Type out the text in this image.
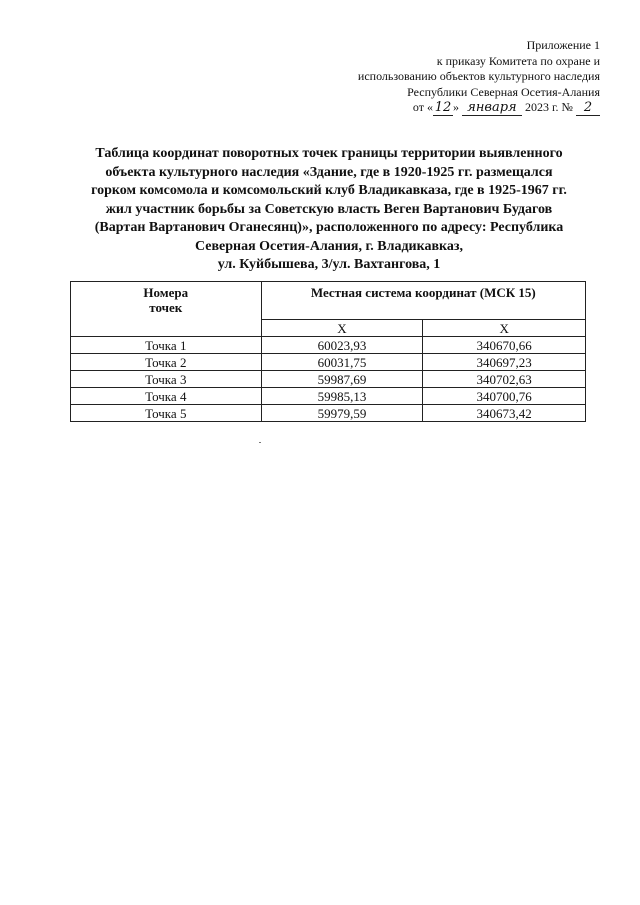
Приложение 1
к приказу Комитета по охране и
использованию объектов культурного наследия
Республики Северная Осетия-Алания
от « 12 » января 2023 г. № 2
Таблица координат поворотных точек границы территории выявленного
объекта культурного наследия «Здание, где в 1920-1925 гг. размещался
горком комсомола и комсомольский клуб Владикавказа, где в 1925-1967 гг.
жил участник борьбы за Советскую власть Веген Вартанович Будагов
(Вартан Вартанович Оганесянц)», расположенного по адресу: Республика
Северная Осетия-Алания, г. Владикавказ,
ул. Куйбышева, 3/ул. Вахтангова, 1
Номера
точек	Местная система координат (МСК 15)	
	X	X
Точка 1	60023,93	340670,66
Точка 2	60031,75	340697,23
Точка 3	59987,69	340702,63
Точка 4	59985,13	340700,76
Точка 5	59979,59	340673,42
